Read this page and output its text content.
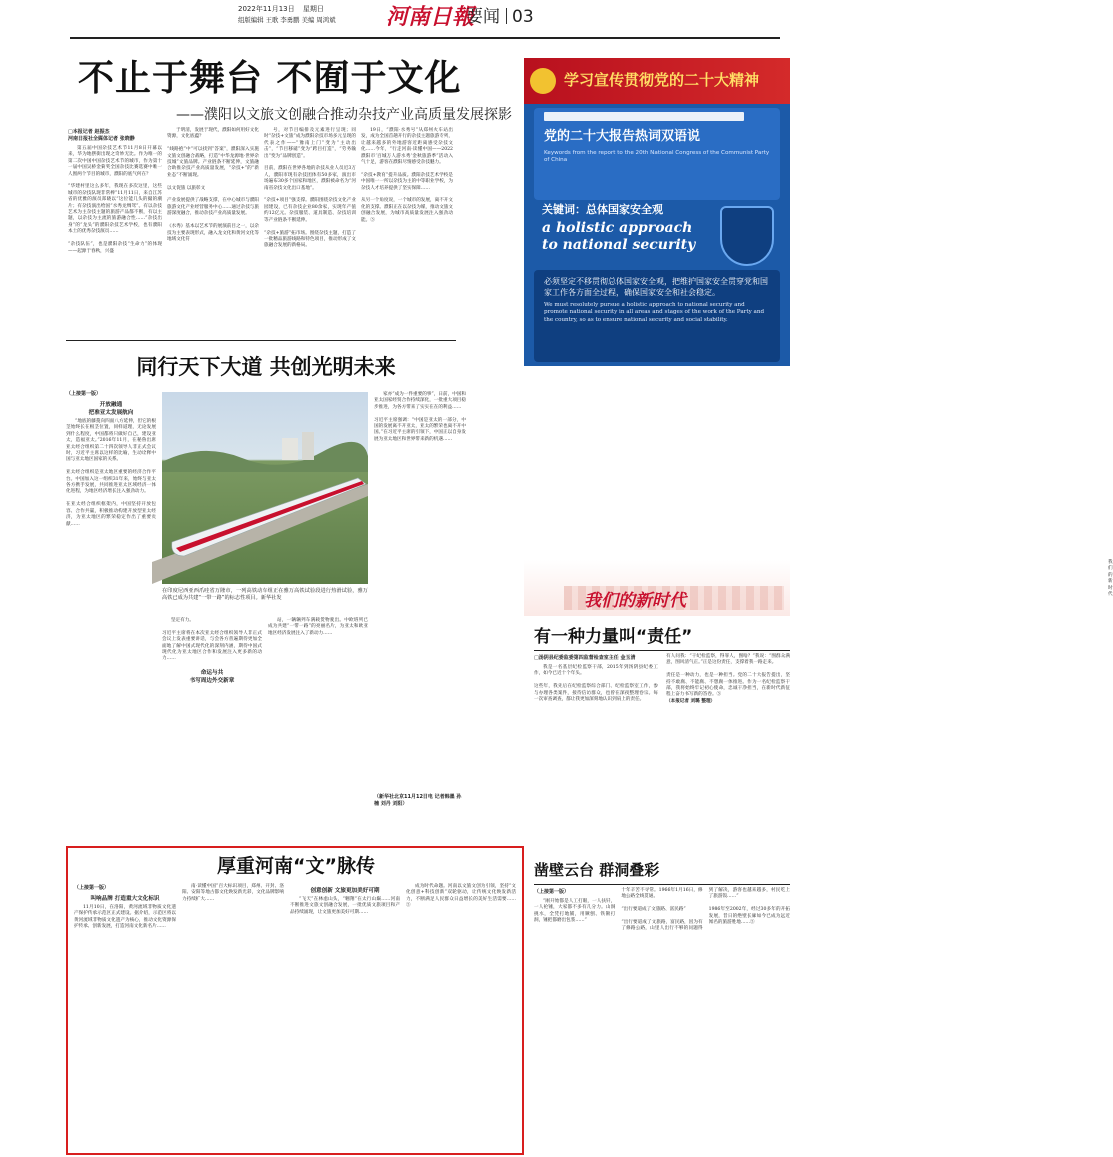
2022年11月13日 星期日
组版编辑 王歌 李勇鹏 美编 周鸿斌 河南日報
要闻 03
不止于舞台 不囿于文化
——濮阳以文旅文创融合推动杂技产业高质量发展探影
□本报记者 赵振杰
河南日报社全媒体记者 张晓静

第五届中国杂技艺术节11月8日开幕以来，华为地摆街出现之奇妙无比。作为唯一的第二次中国中国杂技艺术节的城市，作为第十一届中国吴桥金菊奖全国杂技比赛选赛中唯一人围两个节目的城市，濮阳的底气何在？

“华建村里这么多年，我现在多次这里，这些城市的杂技队现非常棒”11月11日，来自江苏省的优雅的演员郑晓以“这位能几头的撮的潮片；有杂技演出给国“水秀龙绸驾”。有以杂技艺术为主杂技主题的旅游产品都不断，有以主题，以杂技为主流的旅游融合性……“杂技出身”的“龙头”的濮阳杂技艺术学校，也有濮阳本土的优秀杂技演员……

“杂技队伍”，也是濮阳杂技“生命力”的体现——起源于春秋，兴盛

于明清，发展于现代，濮阳如何用好文化资源，文化底蕴？

“线路抱”中“可以找到”答案”，濮阳深入实施文旅文创融合战略，打造“中华龙源地·世界杂技城”文旅品牌。产业链条不断延伸，文旅融合助推杂技产业高质量发展，“杂技+”的“新业态”不断涌现。

以文促旅 以旅彰文

产业发展提供了战略支撑，在中心城市与濮阳旅游文化产业经营服务中心……通过杂技与旅游深度融合，推动杂技产业高质量发展。

《水秀》基本以艺术节的展演前目之一，以杂技为主要表现形式，融入龙文化和黄河文化等地域文化符

号，对节目编排及元素进行呈现；同时“杂技+文旅”成为濮阳杂技市场多元呈现的代表之作——“豫南上门”变为“主动出击”，“节目移谴”变为“跨目打造”，“劳务输出”变为“品牌创造”。

目前，濮阳在世界各地的杂技从业人员近3万人，濮阳市现有杂技团体有50多家，演出市场遍布30多个国家和地区，濮阳被命名为“河南省杂技文化出口基地”。

“杂技+项目”强支撑。濮阳围绕杂技文化产业园建设，已有杂技企业80余家，实现年产值约12亿元。杂技服装、道具制造、杂技培训等产业链条不断延伸。

“杂技+旅游”拓市场。围绕杂技主题，打造了一批精品旅游线路和特色项目，推动形成了文旅融合发展的新格局。

19日，“濮阳·水秀号”从郑州火车站出发，成为全国首趟开行的杂技主题旅游专列，让越来越多的外地游客近距离感受杂技文化……今年，“行走河南·读懂中国——2022濮阳市‘百城万人游水秀’金秋旅游季”活动入气十足，游客在濮阳尽情感受杂技魅力。

“杂技+教育”提升品质。濮阳杂技艺术学校是中国唯一一所以杂技为主的中等职业学校，为杂技人才培养提供了坚实保障……

从另一个角度说，一个城市的发展，离不开文化的支撑。濮阳正在以杂技为媒，推动文旅文创融合发展，为城市高质量发展注入强劲动能。⑤

学习宣传贯彻党的二十大精神
党的二十大报告热词双语说
Keywords from the report to the 20th National Congress of the Communist Party of China
关键词：总体国家安全观
a holistic approach to national security
必须坚定不移贯彻总体国家安全观，把维护国家安全贯穿党和国家工作各方面全过程，确保国家安全和社会稳定。
We must resolutely pursue a holistic approach to national security and promote national security in all areas and stages of the work of the Party and the country, so as to ensure national security and social stability.
同行天下大道 共创光明未来
（上接第一版）
开放融通
把准亚太发展航向

“地底的藤蔓向四面八方延伸，但它的根茎始终长在根茎位置，同样道理，无论发展到什么程度，中国都将只做好自己，建设亚太，造福亚太。”2016年11月，在秘鲁出席亚太经合组织第二十四次领导人非正式会议时，习近平主席以这样的比喻，生动诠释中国与亚太地区国家的关系。

亚太经合组织是亚太地区重要的经济合作平台。中国加入这一组织31年来，始终与亚太各方携手发展，共同推进亚太区域经济一体化进程，为地区经济增长注入强劲动力。

在亚太经合组织框架内，中国坚持开放包容、合作共赢，积极推动构建开放型亚太经济，为亚太地区的繁荣稳定作出了重要贡献……

在印度尼西亚西爪哇省万隆市，一列高铁动车组正在雅万高铁试验段进行热滑试验，雅万高铁已成为共建“一带一路”的标志性项目。新华社发

坚定有力。

习近平主席将在本次亚太经合组织领导人非正式会议上发表重要讲话，与会各方普遍期待更加全面地了解中国式现代化的深刻内涵，期待中国式现代化为亚太地区合作和发展注入更多新的动力……

命运与共
书写周边外交新章

站，一辆辆列车满载货物驶出。中欧班列已成为共建“一带一路”的亮丽名片，为亚太和欧亚地区经济发展注入了新动力……

家亦“成为一件重要的事”，日前，中国和亚太国家经贸合作持续深化，一批重大项目稳步推进，为各方带来了实实在在的利益……

习近平主席强调：“中国是亚太的一部分，中国的发展离不开亚太，亚太的繁荣也离不开中国。”在习近平主席的引领下，中国正以自身发展为亚太地区和世界带来新的机遇……

（新华社北京11月12日电 记者韩墨 孙楠 刘丹 刘阳）
我们的新时代
我们的新时代
有一种力量叫“责任”
□汤阴县纪委监委第四监督检查室主任 金玉清

我是一名基层纪检监察干部，2015年到汤阴县纪委工作，如今已近十个年头。

这些年，我先后在纪检监察综合部门、纪检监察室工作，参与办理各类案件，接待信访群众，也曾在深夜整理卷宗。每一次审查调查，都让我更加深刻地认识到肩上的责任。

有人问我：“干纪检监察，得罪人，图啥？”我说：“图群众满意，图风清气正。”正是这份责任，支撑着我一路走来。

责任是一种动力，也是一种担当。党的二十大报告提出，坚持不敢腐、不能腐、不想腐一体推进。作为一名纪检监察干部，我将始终牢记初心使命，忠诚干净担当，在新时代新征程上奋力书写新的答卷。⑤

（本报记者 刘璐 整理）

厚重河南“文”脉传
（上接第一版）
叫响品牌 打造重大文化标识

11月10日，在洛阳，黄河流域非物质文化遗产保护传承示范区正式建设。据介绍，示范区将以黄河流域非物质文化遗产为核心，推动文化资源保护传承、创新发展，打造河南文化新名片……

南·读懂中国”百大标识项目，郑州、开封、洛阳、安阳等地古都文化焕发新光彩，文化品牌影响力持续扩大……

创意创新 文旅更加美好可期

“飞天”在林虑山头，“翱翔”在太行山巅……河南不断推进文旅文创融合发展，一批优质文旅项目和产品持续涌现，让文旅更加美好可期……

成为时代命题。河南以文旅文创为引领，坚持“文化创意+科技创新”双轮驱动，让传统文化焕发新活力，不断满足人民群众日益增长的美好生活需要……⑤

凿壁云台 群洞叠彩
（上接第一版）

“刚开始都是人工打眼，一人扶钎，一人抡锤，大家都不多有几分力。山洞挑水，全凭打地铺，用镢刨、铁锹打洞，锤把都磨出包浆……”

十年辛苦不寻常。1966年1月16日，修地公路全线贯通。

“出行要道成了文旅路、富民路”

“出行要道成了文旅路，富民路，因为有了修路公路，山里人出行不够的问题得到了解决，游客也越来越多，村民吃上了旅游饭……”

1986年至2002年，经过30多年的开拓发展，昔日的绝壁长廊如今已成为远近闻名的旅游胜地……⑤
